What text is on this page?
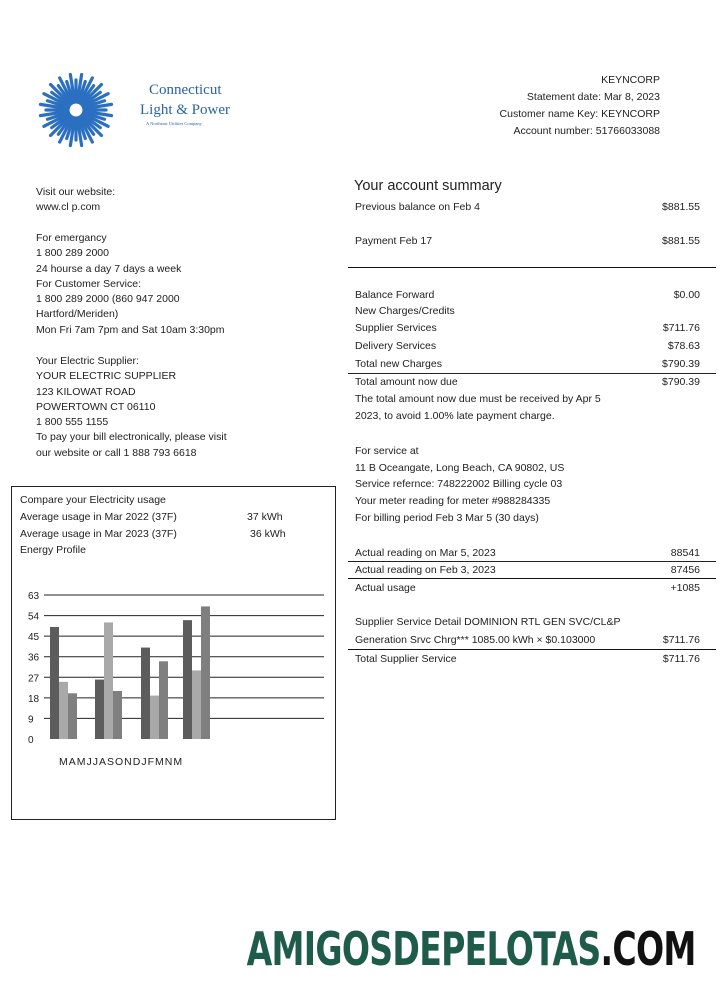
Connecticut
Light & Power
A Northeast Utilities Company
KEYNCORP
Statement date: Mar 8, 2023
Customer name Key: KEYNCORP
Account number: 51766033088
Visit our website:
www.cl p.com
For emergancy
1 800 289 2000
24 hourse a day 7 days a week
For Customer Service:
1 800 289 2000 (860 947 2000
Hartford/Meriden)
Mon Fri 7am 7pm and Sat 10am 3:30pm
Your Electric Supplier:
YOUR ELECTRIC SUPPLIER
123 KILOWAT ROAD
POWERTOWN CT 06110
1 800 555 1155
To pay your bill electronically, please visit
our website or call 1 888 793 6618
Your account summary
Previous balance on Feb 4	$881.55
Payment Feb 17	$881.55
Balance Forward	$0.00
New Charges/Credits
Supplier Services	$711.76
Delivery Services	$78.63
Total new Charges	$790.39
Total amount now due	$790.39
The total amount now due must be received by Apr 5
2023, to avoid 1.00% late payment charge.
For service at
11 B Oceangate, Long Beach, CA 90802, US
Service refernce: 748222002 Billing cycle 03
Your meter reading for meter #988284335
For billing period Feb 3 Mar 5 (30 days)
Actual reading on Mar 5, 2023	88541
Actual reading on Feb 3, 2023	87456
Actual usage	+1085
Supplier Service Detail DOMINION RTL GEN SVC/CL&P
Generation Srvc Chrg*** 1085.00 kWh × $0.103000	$711.76
Total Supplier Service	$711.76
Compare your Electricity usage
Average usage in Mar 2022 (37F)	37 kWh
Average usage in Mar 2023 (37F)	36 kWh
Energy Profile
0
9
18
27
36
45
54
63
MAMJJASONDJFMNM
AMIGOSDEPELOTAS.COM
